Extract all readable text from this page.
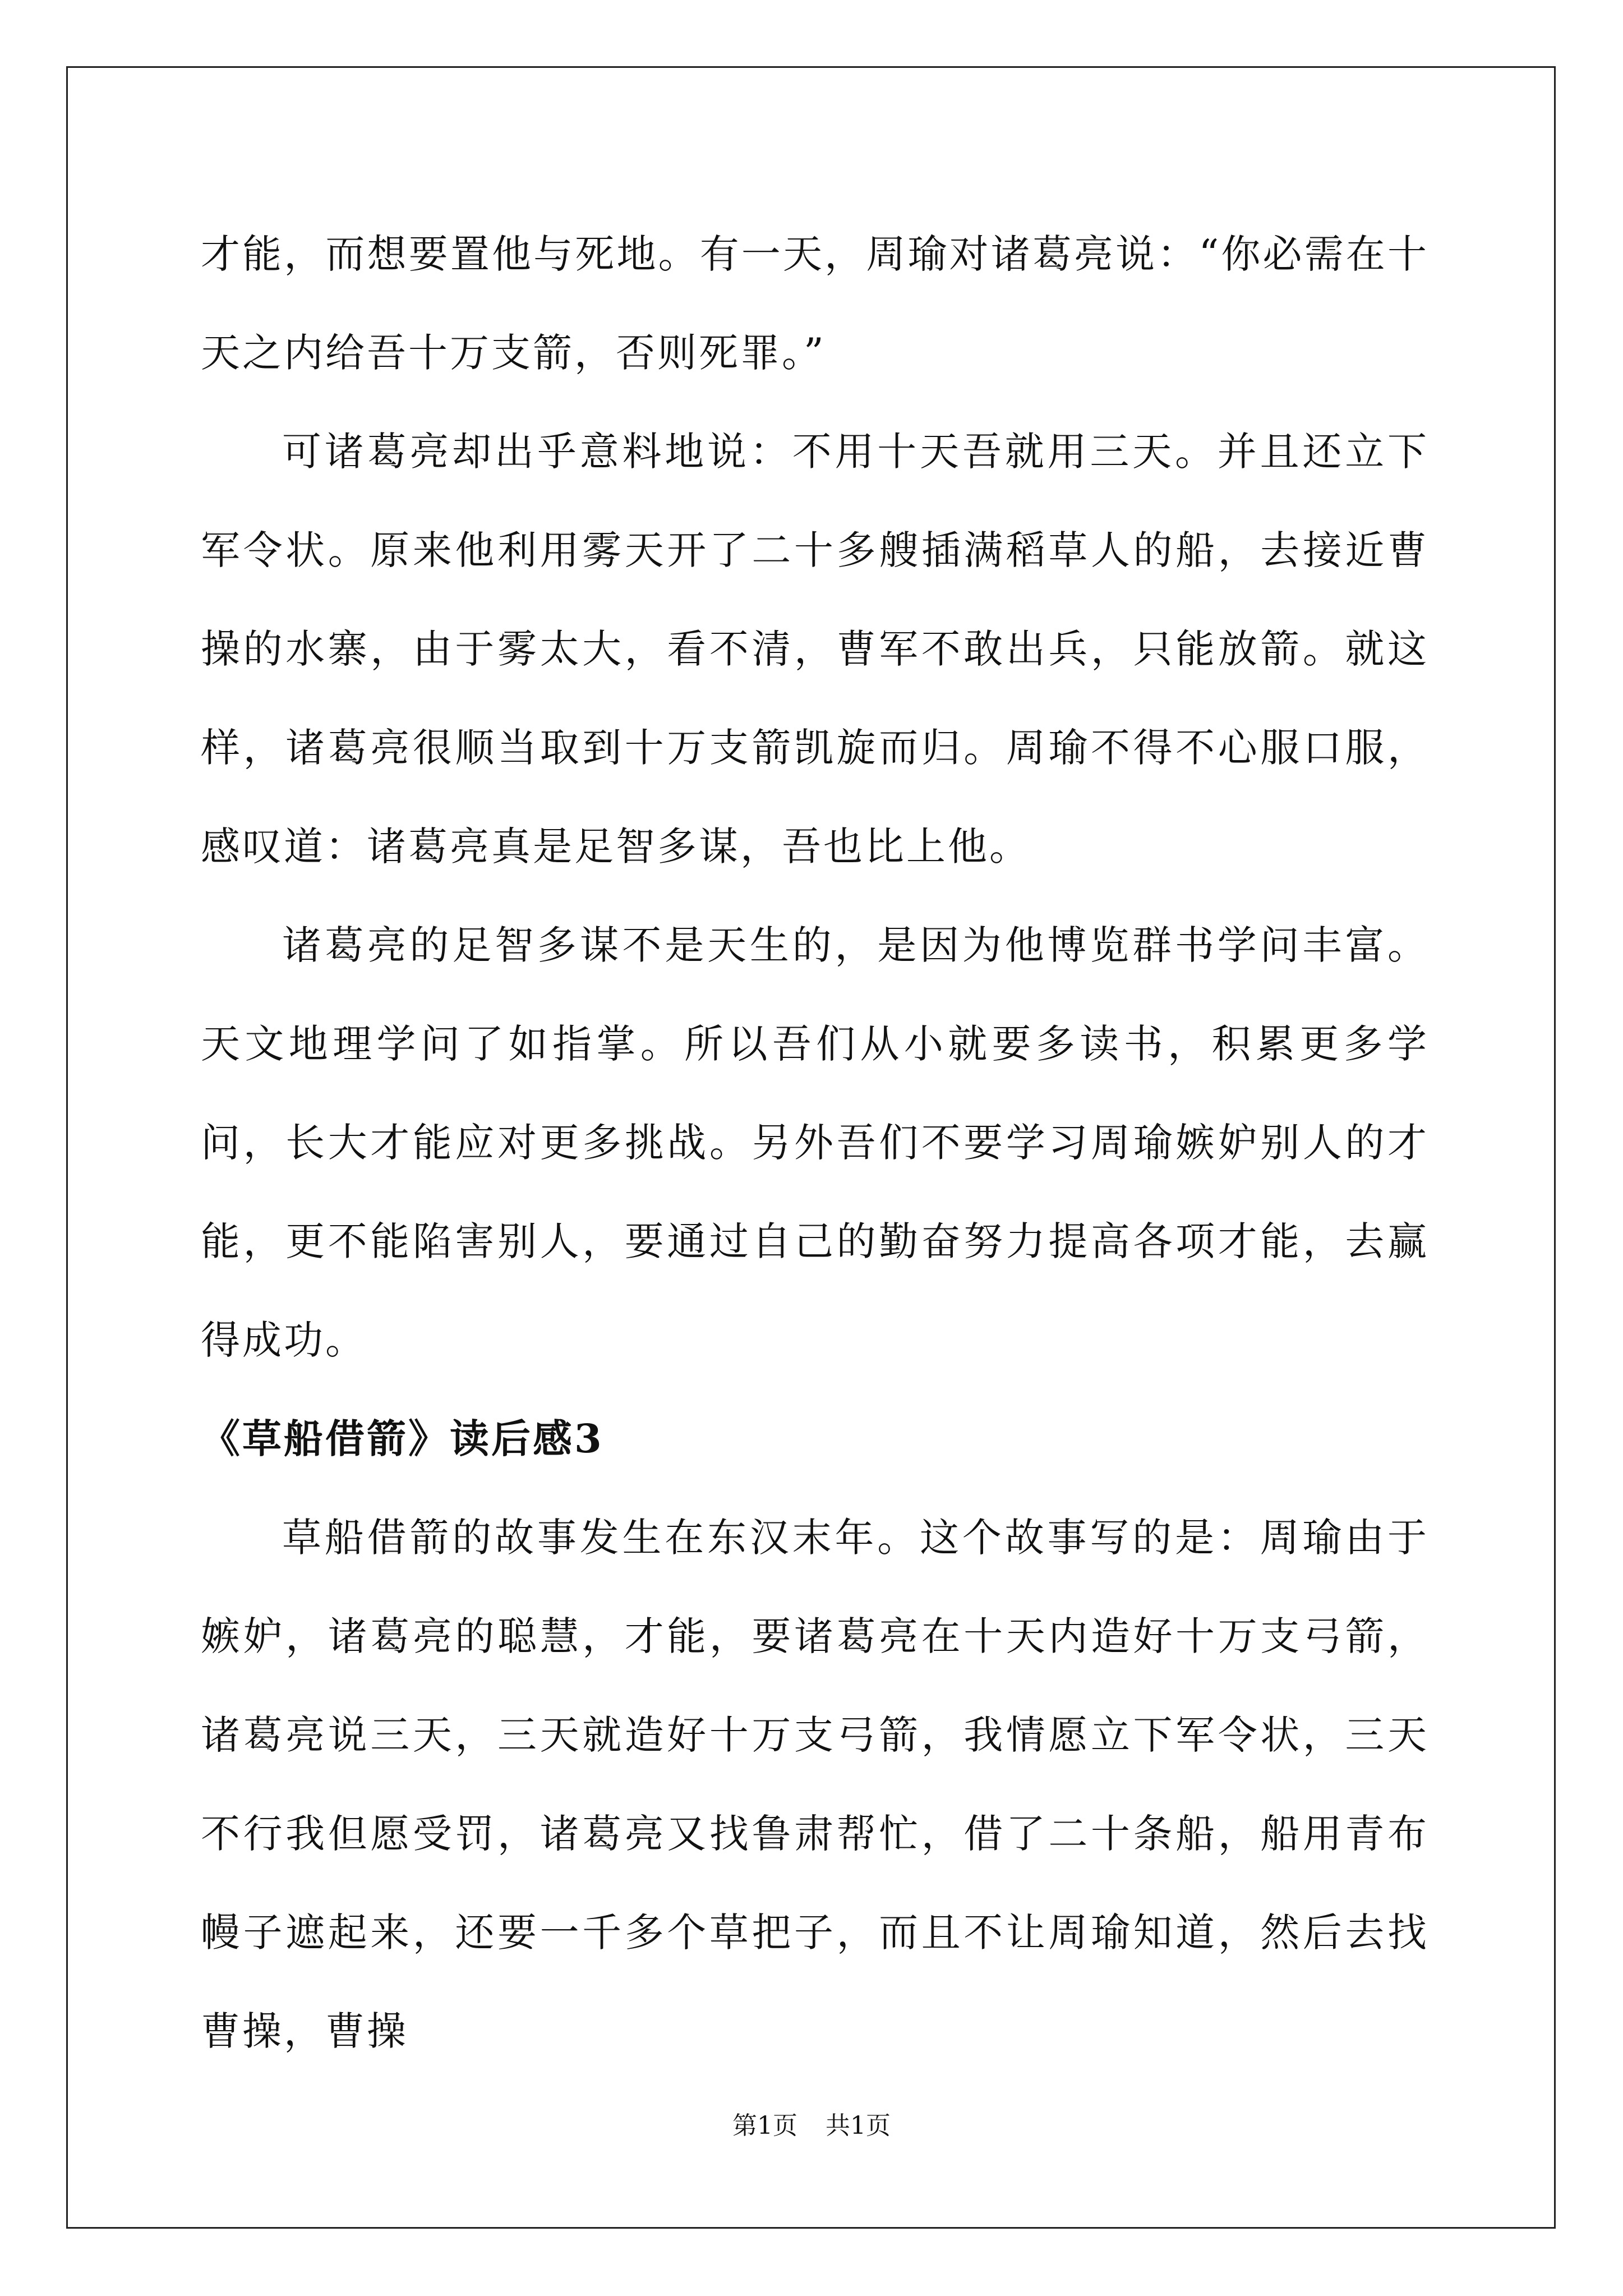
才能，而想要置他与死地。有一天，周瑜对诸葛亮说：“你必需在十天之内给吾十万支箭，否则死罪。”

可诸葛亮却出乎意料地说：不用十天吾就用三天。并且还立下军令状。原来他利用雾天开了二十多艘插满稻草人的船，去接近曹操的水寨，由于雾太大，看不清，曹军不敢出兵，只能放箭。就这样，诸葛亮很顺当取到十万支箭凯旋而归。周瑜不得不心服口服，感叹道：诸葛亮真是足智多谋，吾也比上他。

诸葛亮的足智多谋不是天生的，是因为他博览群书学问丰富。天文地理学问了如指掌。所以吾们从小就要多读书，积累更多学问，长大才能应对更多挑战。另外吾们不要学习周瑜嫉妒别人的才能，更不能陷害别人，要通过自己的勤奋努力提高各项才能，去赢得成功。

《草船借箭》读后感3

草船借箭的故事发生在东汉末年。这个故事写的是：周瑜由于嫉妒，诸葛亮的聪慧，才能，要诸葛亮在十天内造好十万支弓箭，诸葛亮说三天，三天就造好十万支弓箭，我情愿立下军令状，三天不行我但愿受罚，诸葛亮又找鲁肃帮忙，借了二十条船，船用青布幔子遮起来，还要一千多个草把子，而且不让周瑜知道，然后去找曹操，曹操

第1页 共1页
